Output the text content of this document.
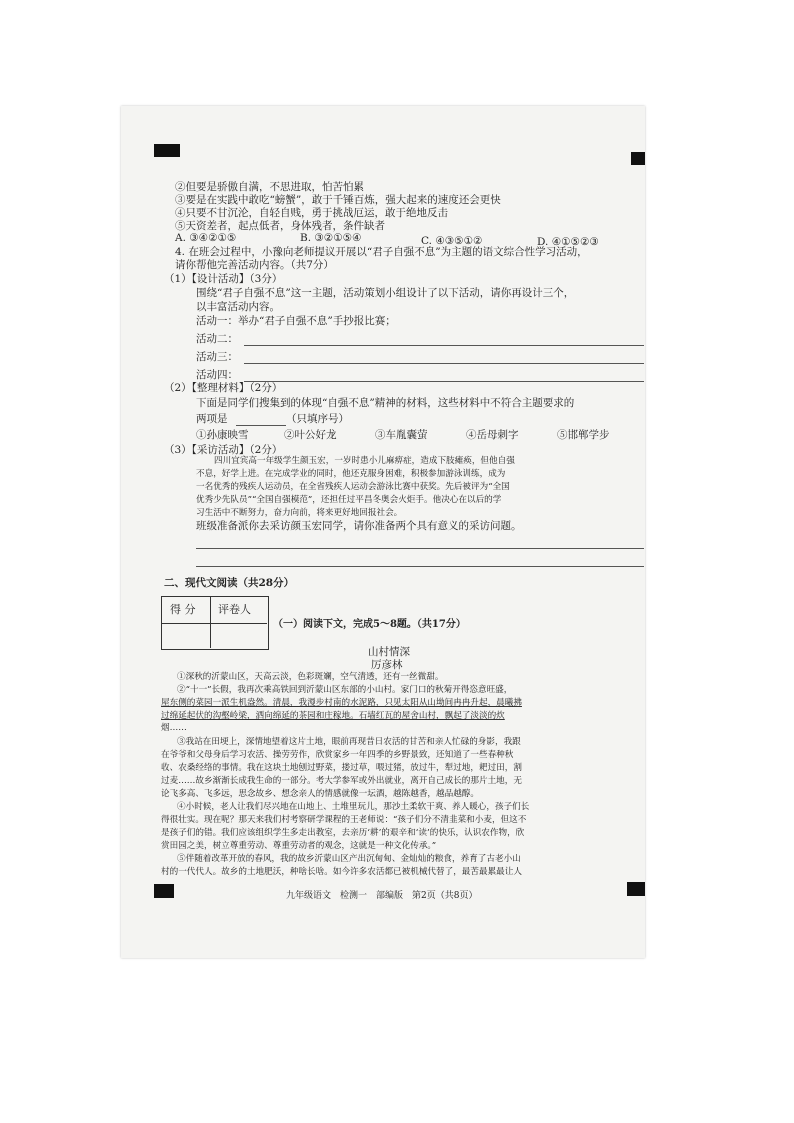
②但要是骄傲自满，不思进取，怕苦怕累
③要是在实践中敢吃“螃蟹”，敢于千锤百炼，强大起来的速度还会更快
④只要不甘沉沦，自轻自贱，勇于挑战厄运，敢于绝地反击
⑤天资差者，起点低者，身体残者，条件缺者
A. ③④②①⑤	B. ③②①⑤④	C. ④③⑤①②	D. ④①⑤②③
4. 在班会过程中，小豫向老师提议开展以“君子自强不息”为主题的语文综合性学习活动，
请你帮他完善活动内容。（共7分）
（1）【设计活动】（3分）
围绕“君子自强不息”这一主题，活动策划小组设计了以下活动，请你再设计三个，
以丰富活动内容。
活动一：举办“君子自强不息”手抄报比赛；
活动二：
活动三：
活动四：
（2）【整理材料】（2分）
下面是同学们搜集到的体现“自强不息”精神的材料，这些材料中不符合主题要求的
两项是	（只填序号）
①孙康映雪	②叶公好龙	③车胤囊萤	④岳母刺字	⑤邯郸学步
（3）【采访活动】（2分）
四川宜宾高一年级学生颜玉宏，一岁时患小儿麻痹症，造成下肢瘫痪，但他自强
不息，好学上进。在完成学业的同时，他还克服身困难，积极参加游泳训练，成为
一名优秀的残疾人运动员，在全省残疾人运动会游泳比赛中获奖。先后被评为“全国
优秀少先队员”“全国自强模范”，还担任过平昌冬奥会火炬手。他决心在以后的学
习生活中不断努力，奋力向前，将来更好地回报社会。
班级准备派你去采访颜玉宏同学，请你准备两个具有意义的采访问题。
二、现代文阅读（共28分）
得 分 评卷人
（一）阅读下文，完成5～8题。（共17分）
山村情深
厉彦林
①深秋的沂蒙山区，天高云淡，色彩斑斓，空气清透，还有一丝微甜。
②“十一”长假，我再次乘高铁回到沂蒙山区东部的小山村。家门口的秋菊开得恣意旺盛，
屋东侧的菜园一派生机盎然。清晨，我漫步村南的水泥路，只见太阳从山坳间冉冉升起，晨曦拂
过绵延起伏的沟壑岭梁，洒向绵延的茶园和庄稼地。石墙红瓦的屋舍山村，飘起了淡淡的炊
烟……
③我站在田埂上，深情地望着这片土地，眼前再现昔日农活的甘苦和亲人忙碌的身影，我跟
在爷爷和父母身后学习农活、操劳劳作，欣赏家乡一年四季的乡野景致，还知道了一些春种秋
收、农桑经络的事情。我在这块土地刨过野菜，搂过草，喂过猪，放过牛，犁过地，耙过田，割
过麦……故乡渐渐长成我生命的一部分。考大学参军或外出就业，离开自己成长的那片土地，无
论飞多高、飞多远，思念故乡、想念亲人的情感就像一坛酒，越陈越香，越品越醇。
④小时候，老人让我们尽兴地在山地上、土堆里玩儿，那沙土柔软干爽、养人暖心，孩子们长
得很壮实。现在呢？那天来我们村考察研学课程的王老师说：“孩子们分不清韭菜和小麦，但这不
是孩子们的错。我们应该组织学生多走出教室，去亲历‘耕’的艰辛和‘读’的快乐，认识农作物，欣
赏田园之美，树立尊重劳动、尊重劳动者的观念，这就是一种文化传承。”
⑤伴随着改革开放的春风，我的故乡沂蒙山区产出沉甸甸、金灿灿的粮食，养育了古老小山
村的一代代人。故乡的土地肥沃，种啥长啥。如今许多农活都已被机械代替了，最苦最累最让人
九年级语文　检测一　部编版　第2页（共8页）
